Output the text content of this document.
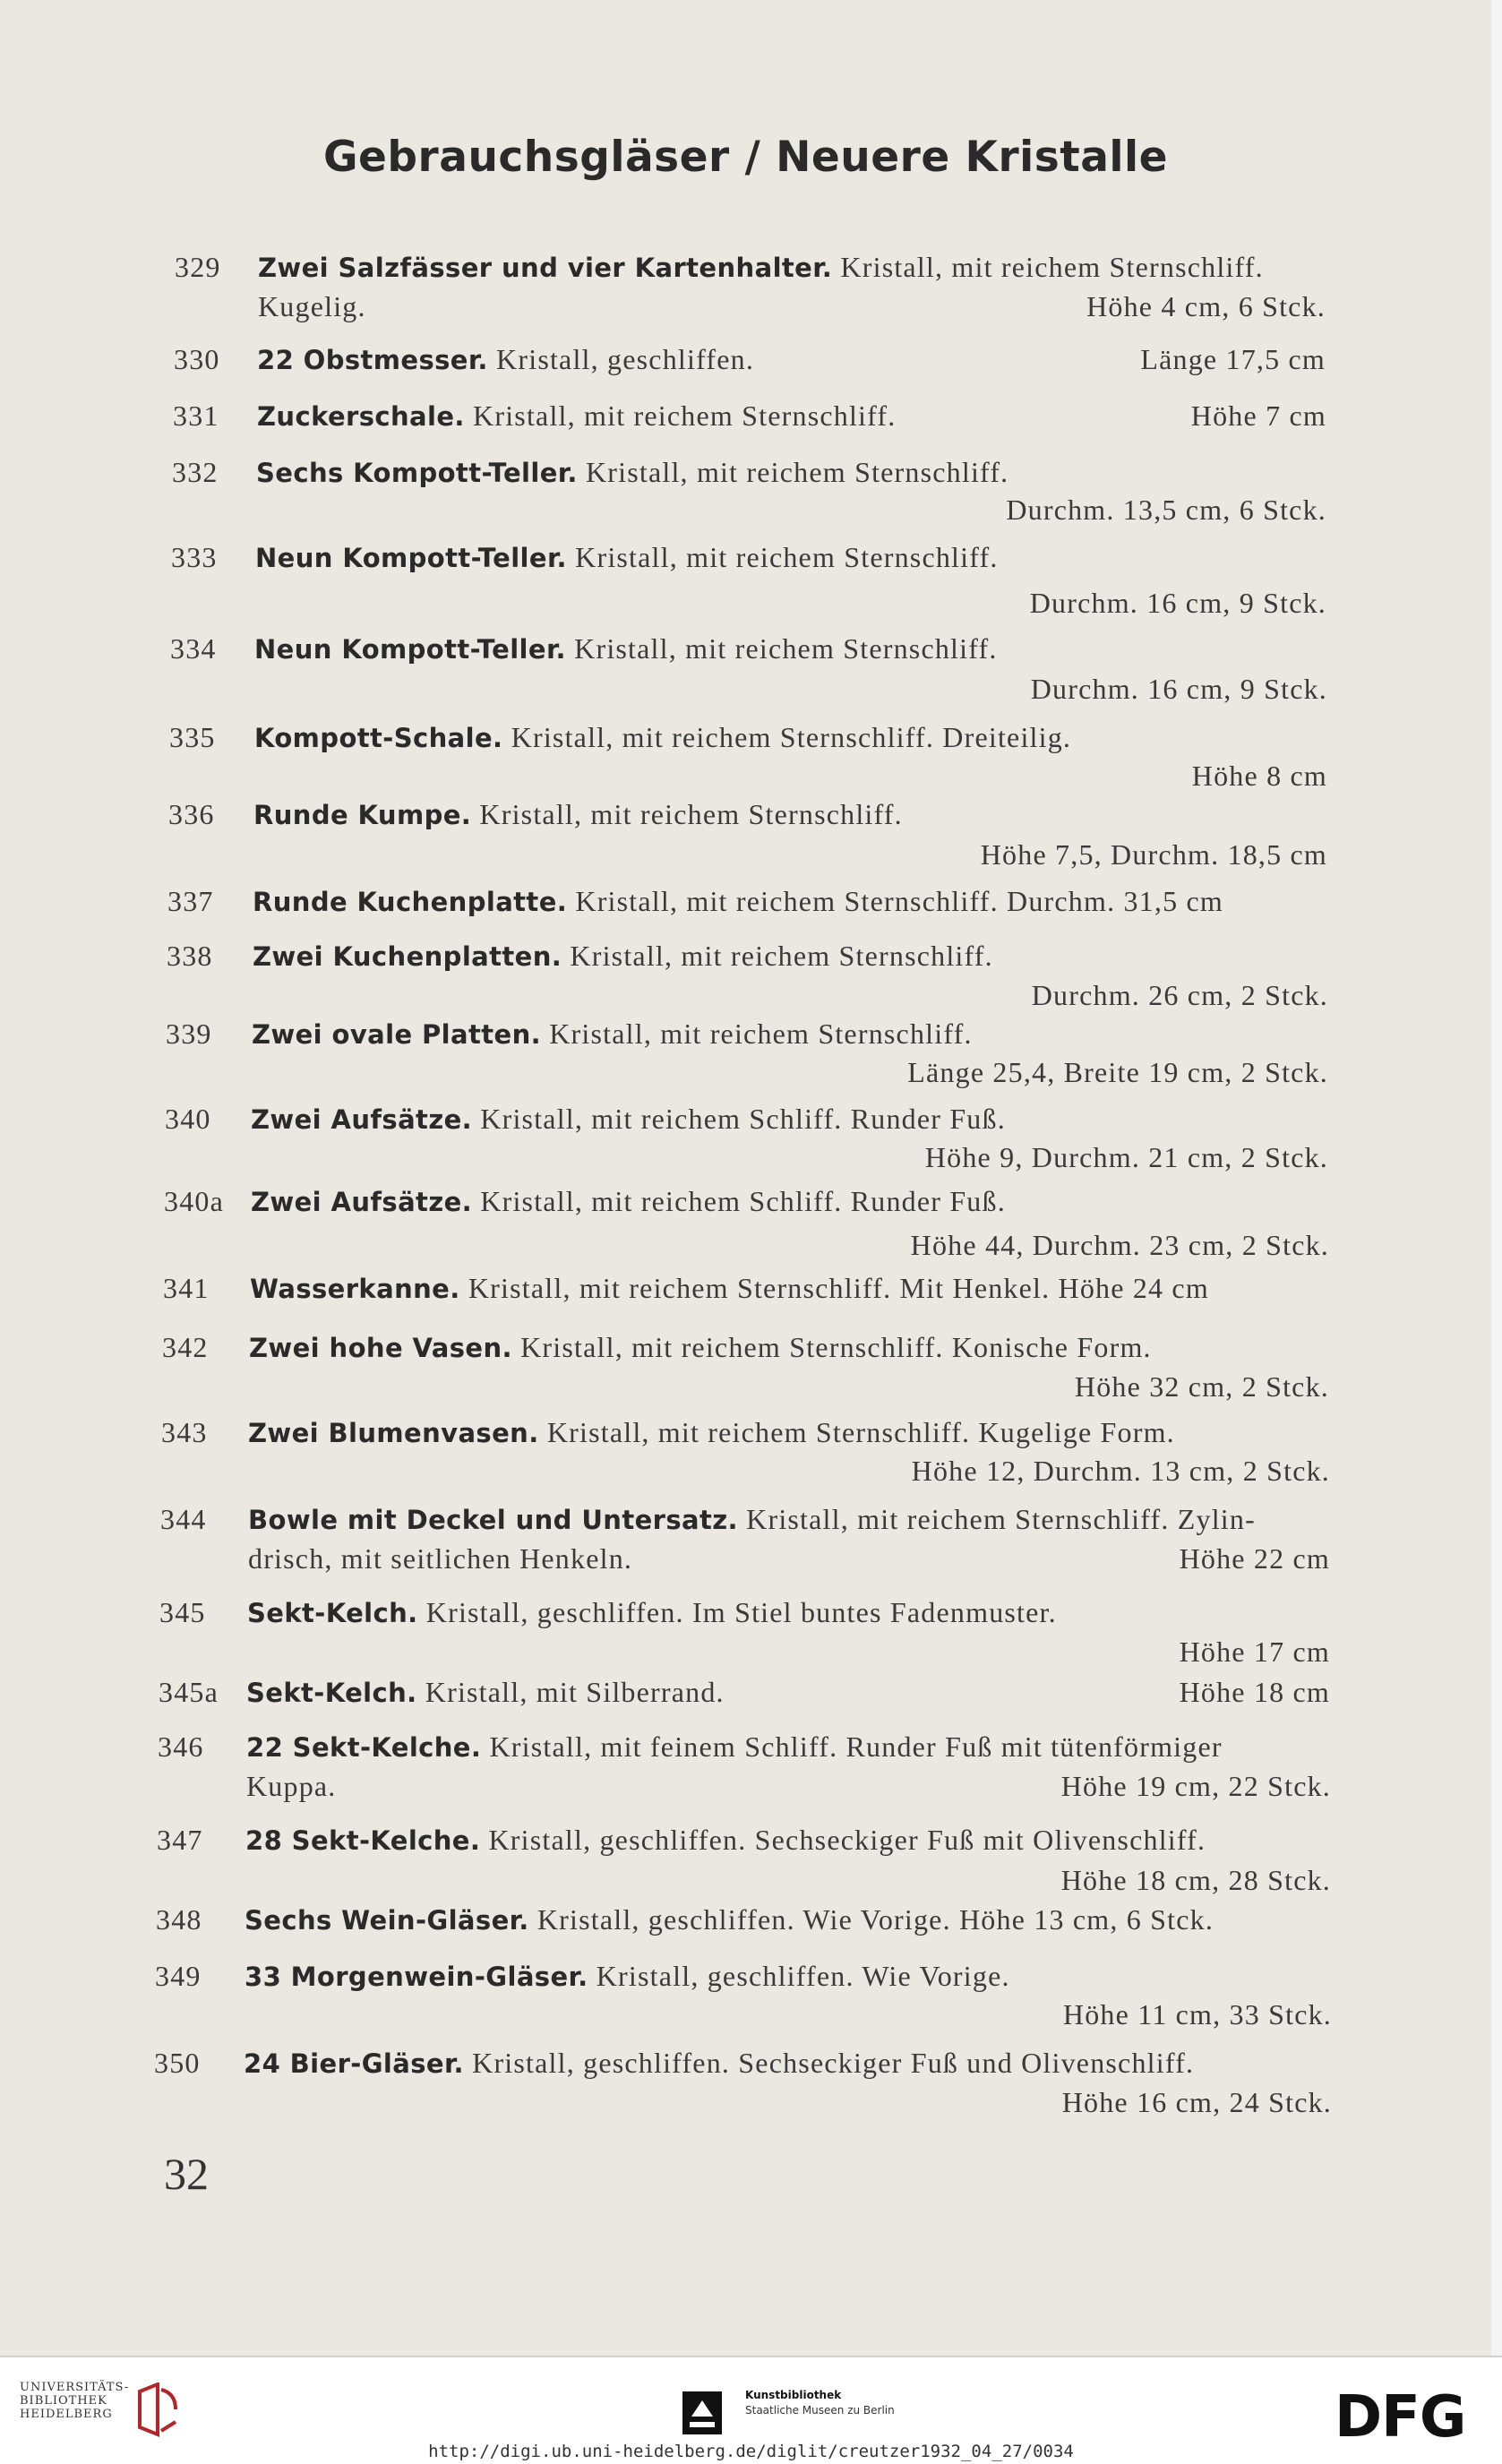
Gebrauchsgläser / Neuere Kristalle
329 Zwei Salzfässer und vier Kartenhalter. Kristall, mit reichem Sternschliff.
Kugelig.	Höhe 4 cm, 6 Stck.
330 22 Obstmesser. Kristall, geschliffen.	Länge 17,5 cm
331 Zuckerschale. Kristall, mit reichem Sternschliff.	Höhe 7 cm
332 Sechs Kompott-Teller. Kristall, mit reichem Sternschliff.
Durchm. 13,5 cm, 6 Stck.
333 Neun Kompott-Teller. Kristall, mit reichem Sternschliff.
Durchm. 16 cm, 9 Stck.
334 Neun Kompott-Teller. Kristall, mit reichem Sternschliff.
Durchm. 16 cm, 9 Stck.
335 Kompott-Schale. Kristall, mit reichem Sternschliff. Dreiteilig.
Höhe 8 cm
336 Runde Kumpe. Kristall, mit reichem Sternschliff.
Höhe 7,5, Durchm. 18,5 cm
337 Runde Kuchenplatte. Kristall, mit reichem Sternschliff. Durchm. 31,5 cm
338 Zwei Kuchenplatten. Kristall, mit reichem Sternschliff.
Durchm. 26 cm, 2 Stck.
339 Zwei ovale Platten. Kristall, mit reichem Sternschliff.
Länge 25,4, Breite 19 cm, 2 Stck.
340 Zwei Aufsätze. Kristall, mit reichem Schliff. Runder Fuß.
Höhe 9, Durchm. 21 cm, 2 Stck.
340a Zwei Aufsätze. Kristall, mit reichem Schliff. Runder Fuß.
Höhe 44, Durchm. 23 cm, 2 Stck.
341 Wasserkanne. Kristall, mit reichem Sternschliff. Mit Henkel. Höhe 24 cm
342 Zwei hohe Vasen. Kristall, mit reichem Sternschliff. Konische Form.
Höhe 32 cm, 2 Stck.
343 Zwei Blumenvasen. Kristall, mit reichem Sternschliff. Kugelige Form.
Höhe 12, Durchm. 13 cm, 2 Stck.
344 Bowle mit Deckel und Untersatz. Kristall, mit reichem Sternschliff. Zylin-
drisch, mit seitlichen Henkeln.	Höhe 22 cm
345 Sekt-Kelch. Kristall, geschliffen. Im Stiel buntes Fadenmuster.
Höhe 17 cm
345a Sekt-Kelch. Kristall, mit Silberrand.	Höhe 18 cm
346 22 Sekt-Kelche. Kristall, mit feinem Schliff. Runder Fuß mit tütenförmiger
Kuppa.	Höhe 19 cm, 22 Stck.
347 28 Sekt-Kelche. Kristall, geschliffen. Sechseckiger Fuß mit Olivenschliff.
Höhe 18 cm, 28 Stck.
348 Sechs Wein-Gläser. Kristall, geschliffen. Wie Vorige. Höhe 13 cm, 6 Stck.
349 33 Morgenwein-Gläser. Kristall, geschliffen. Wie Vorige.
Höhe 11 cm, 33 Stck.
350 24 Bier-Gläser. Kristall, geschliffen. Sechseckiger Fuß und Olivenschliff.
Höhe 16 cm, 24 Stck.
32
UNIVERSITÄTS-
BIBLIOTHEK
HEIDELBERG
Kunstbibliothek
Staatliche Museen zu Berlin	DFG
http://digi.ub.uni-heidelberg.de/diglit/creutzer1932_04_27/0034
